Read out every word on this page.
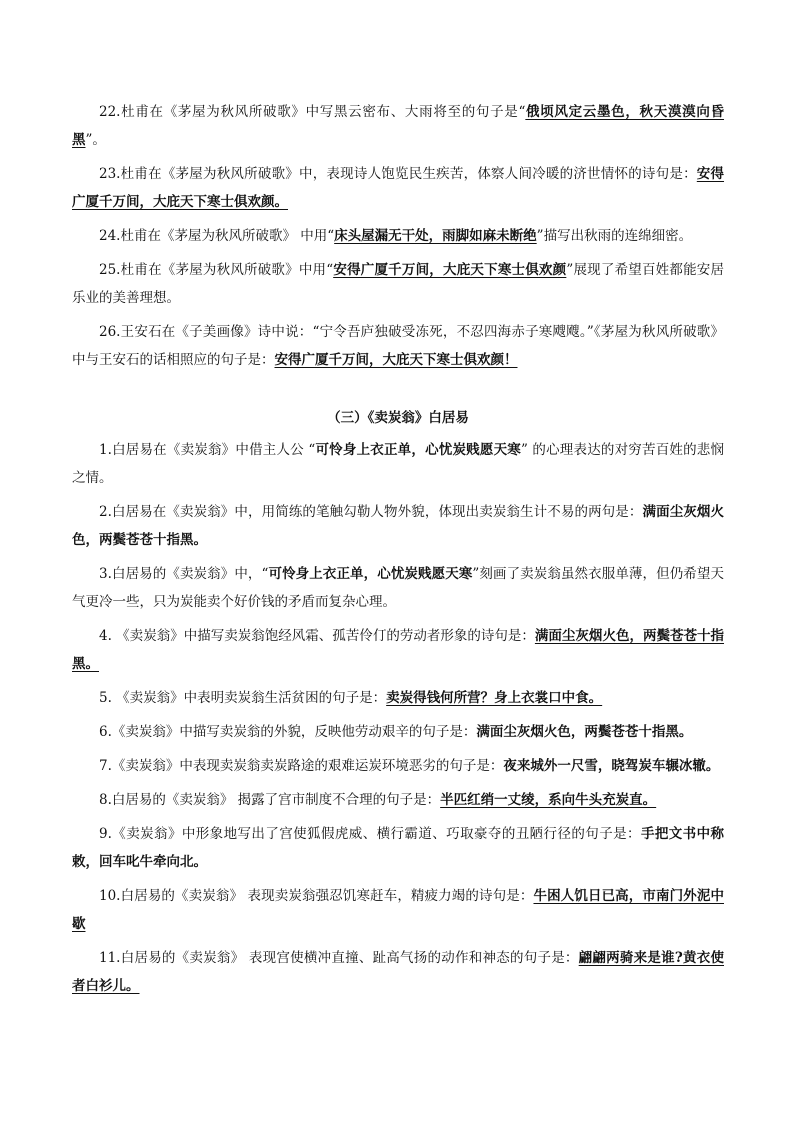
22.杜甫在《茅屋为秋风所破歌》中写黑云密布、大雨将至的句子是“俄顷风定云墨色，秋天漠漠向昏黑”。

23.杜甫在《茅屋为秋风所破歌》中，表现诗人饱览民生疾苦，体察人间冷暖的济世情怀的诗句是：安得广厦千万间，大庇天下寒士俱欢颜。

24.杜甫在《茅屋为秋风所破歌》 中用“床头屋漏无干处，雨脚如麻未断绝”描写出秋雨的连绵细密。

25.杜甫在《茅屋为秋风所破歌》中用“安得广厦千万间，大庇天下寒士俱欢颜”展现了希望百姓都能安居乐业的美善理想。

26.王安石在《子美画像》诗中说：“宁令吾庐独破受冻死，不忍四海赤子寒飕飕。”《茅屋为秋风所破歌》中与王安石的话相照应的句子是：安得广厦千万间，大庇天下寒士俱欢颜！

（三）《卖炭翁》白居易

1.白居易在《卖炭翁》中借主人公 “可怜身上衣正单，心忧炭贱愿天寒” 的心理表达的对穷苦百姓的悲悯之情。

2.白居易在《卖炭翁》中，用简练的笔触勾勒人物外貌，体现出卖炭翁生计不易的两句是：满面尘灰烟火色，两鬓苍苍十指黑。

3.白居易的《卖炭翁》中，“可怜身上衣正单，心忧炭贱愿天寒”刻画了卖炭翁虽然衣服单薄，但仍希望天气更冷一些，只为炭能卖个好价钱的矛盾而复杂心理。

4. 《卖炭翁》中描写卖炭翁饱经风霜、孤苦伶仃的劳动者形象的诗句是：满面尘灰烟火色，两鬓苍苍十指黑。

5. 《卖炭翁》中表明卖炭翁生活贫困的句子是：卖炭得钱何所营？身上衣裳口中食。

6.《卖炭翁》中描写卖炭翁的外貌，反映他劳动艰辛的句子是：满面尘灰烟火色，两鬓苍苍十指黑。

7.《卖炭翁》中表现卖炭翁卖炭路途的艰难运炭环境恶劣的句子是：夜来城外一尺雪，晓驾炭车辗冰辙。

8.白居易的《卖炭翁》 揭露了宫市制度不合理的句子是：半匹红绡一丈绫，系向牛头充炭直。

9.《卖炭翁》中形象地写出了宫使狐假虎威、横行霸道、巧取豪夺的丑陋行径的句子是：手把文书中称敕，回车叱牛牵向北。

10.白居易的《卖炭翁》 表现卖炭翁强忍饥寒赶车，精疲力竭的诗句是：牛困人饥日已高，市南门外泥中歇

11.白居易的《卖炭翁》 表现宫使横冲直撞、趾高气扬的动作和神态的句子是：翩翩两骑来是谁?黄衣使者白衫儿。
